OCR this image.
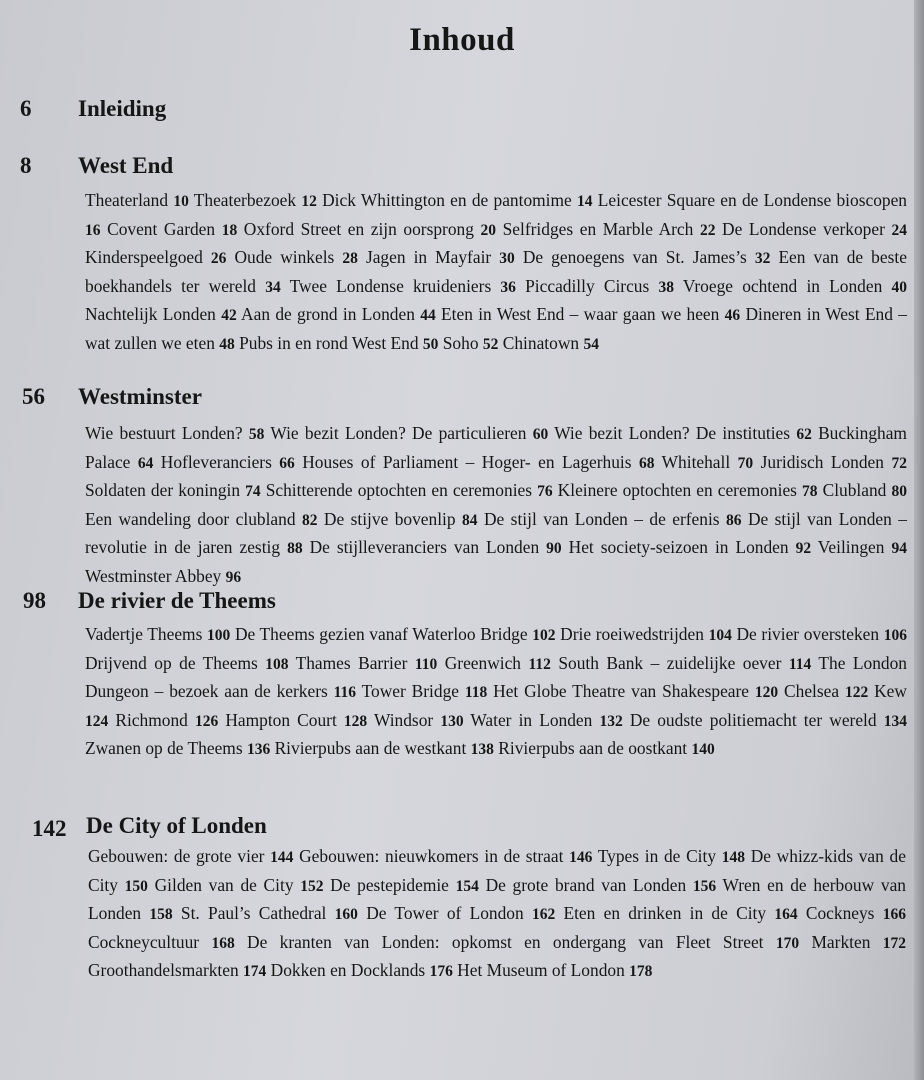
Inhoud
6 Inleiding
8 West End
Theaterland 10 Theaterbezoek 12 Dick Whittington en de pantomime 14 Leicester Square en de Londense bioscopen 16 Covent Garden 18 Oxford Street en zijn oorsprong 20 Selfridges en Marble Arch 22 De Londense verkoper 24 Kinderspeelgoed 26 Oude winkels 28 Jagen in Mayfair 30 De genoegens van St. James’s 32 Een van de beste boekhandels ter wereld 34 Twee Londense kruideniers 36 Piccadilly Circus 38 Vroege ochtend in Londen 40 Nachtelijk Londen 42 Aan de grond in Londen 44 Eten in West End – waar gaan we heen 46 Dineren in West End – wat zullen we eten 48 Pubs in en rond West End 50 Soho 52 Chinatown 54
56 Westminster
Wie bestuurt Londen? 58 Wie bezit Londen? De particulieren 60 Wie bezit Londen? De instituties 62 Buckingham Palace 64 Hofleveranciers 66 Houses of Parliament – Hoger- en Lagerhuis 68 Whitehall 70 Juridisch Londen 72 Soldaten der koningin 74 Schitterende optochten en ceremonies 76 Kleinere optochten en ceremonies 78 Clubland 80 Een wandeling door clubland 82 De stijve bovenlip 84 De stijl van Londen – de erfenis 86 De stijl van Londen – revolutie in de jaren zestig 88 De stijlleveranciers van Londen 90 Het society-seizoen in Londen 92 Veilingen 94 Westminster Abbey 96
98 De rivier de Theems
Vadertje Theems 100 De Theems gezien vanaf Waterloo Bridge 102 Drie roeiwedstrijden 104 De rivier oversteken 106 Drijvend op de Theems 108 Thames Barrier 110 Greenwich 112 South Bank – zuidelijke oever 114 The London Dungeon – bezoek aan de kerkers 116 Tower Bridge 118 Het Globe Theatre van Shakespeare 120 Chelsea 122 Kew 124 Richmond 126 Hampton Court 128 Windsor 130 Water in Londen 132 De oudste politiemacht ter wereld 134 Zwanen op de Theems 136 Rivierpubs aan de westkant 138 Rivierpubs aan de oostkant 140
142 De City of Londen
Gebouwen: de grote vier 144 Gebouwen: nieuwkomers in de straat 146 Types in de City 148 De whizz-kids van de City 150 Gilden van de City 152 De pestepidemie 154 De grote brand van Londen 156 Wren en de herbouw van Londen 158 St. Paul’s Cathedral 160 De Tower of London 162 Eten en drinken in de City 164 Cockneys 166 Cockneycultuur 168 De kranten van Londen: opkomst en ondergang van Fleet Street 170 Markten 172 Groothandelsmarkten 174 Dokken en Docklands 176 Het Museum of London 178
